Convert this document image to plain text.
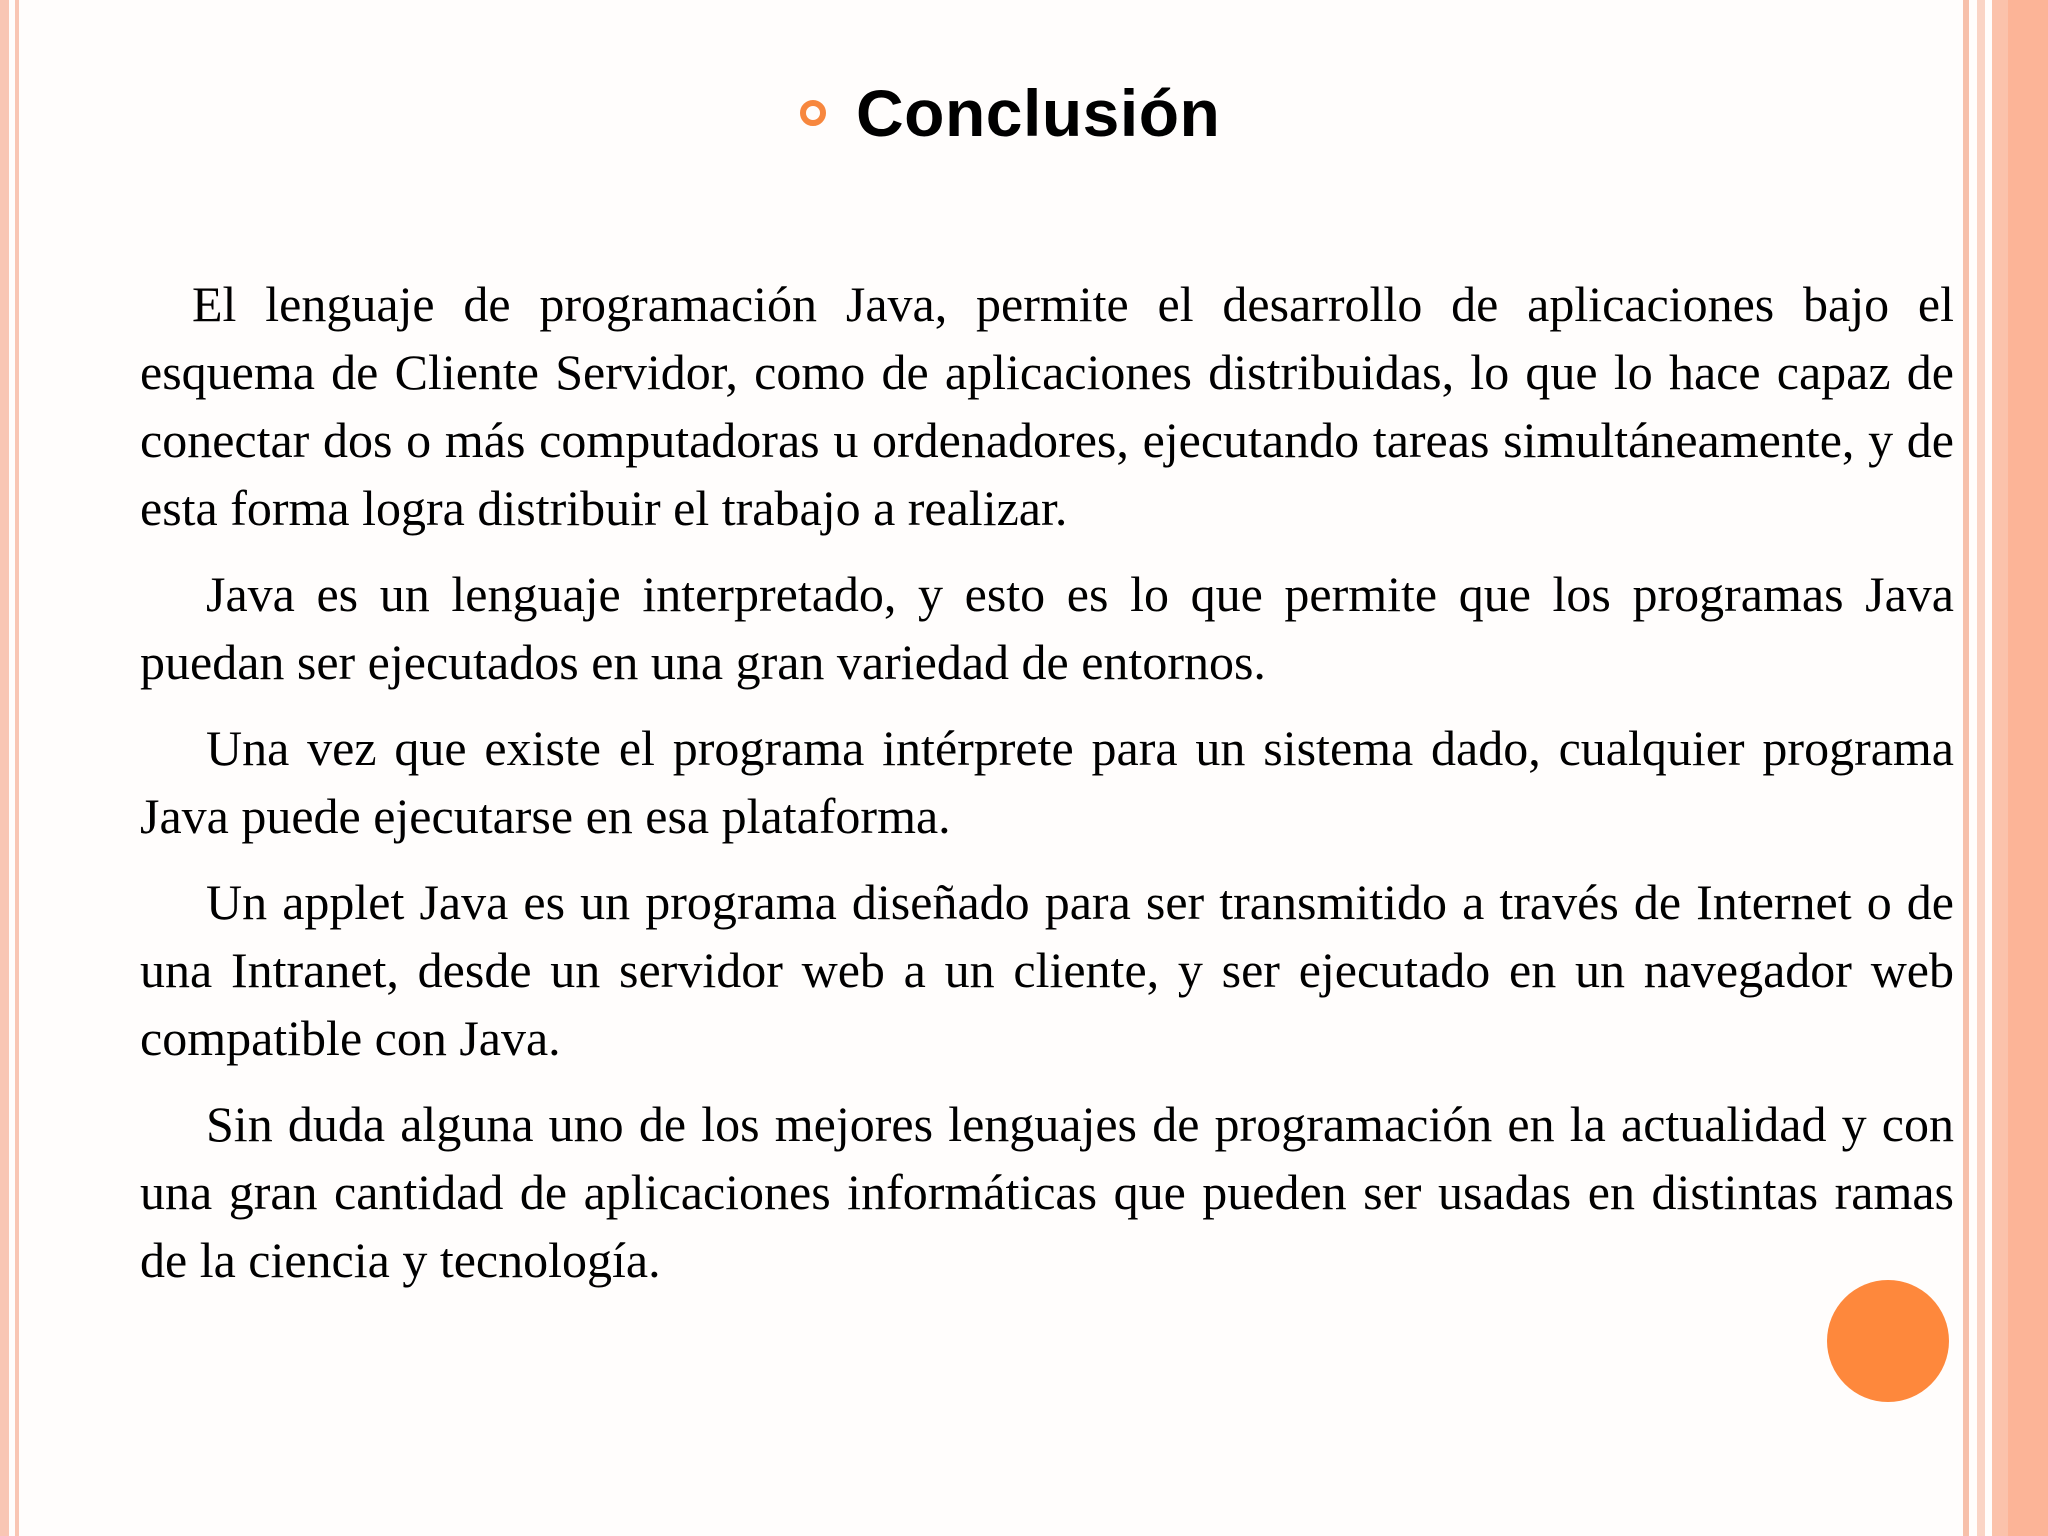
Conclusión

El lenguaje de programación Java, permite el desarrollo de aplicaciones bajo el esquema de Cliente Servidor, como de aplicaciones distribuidas, lo que lo hace capaz de conectar dos o más computadoras u ordenadores, ejecutando tareas simultáneamente, y de esta forma logra distribuir el trabajo a realizar.

Java es un lenguaje interpretado, y esto es lo que permite que los programas Java puedan ser ejecutados en una gran variedad de entornos.

Una vez que existe el programa intérprete para un sistema dado, cualquier programa Java puede ejecutarse en esa plataforma.

Un applet Java es un programa diseñado para ser transmitido a través de Internet o de una Intranet, desde un servidor web a un cliente, y ser ejecutado en un navegador web compatible con Java.

Sin duda alguna uno de los mejores lenguajes de programación en la actualidad y con una gran cantidad de aplicaciones informáticas que pueden ser usadas en distintas ramas de la ciencia y tecnología.
